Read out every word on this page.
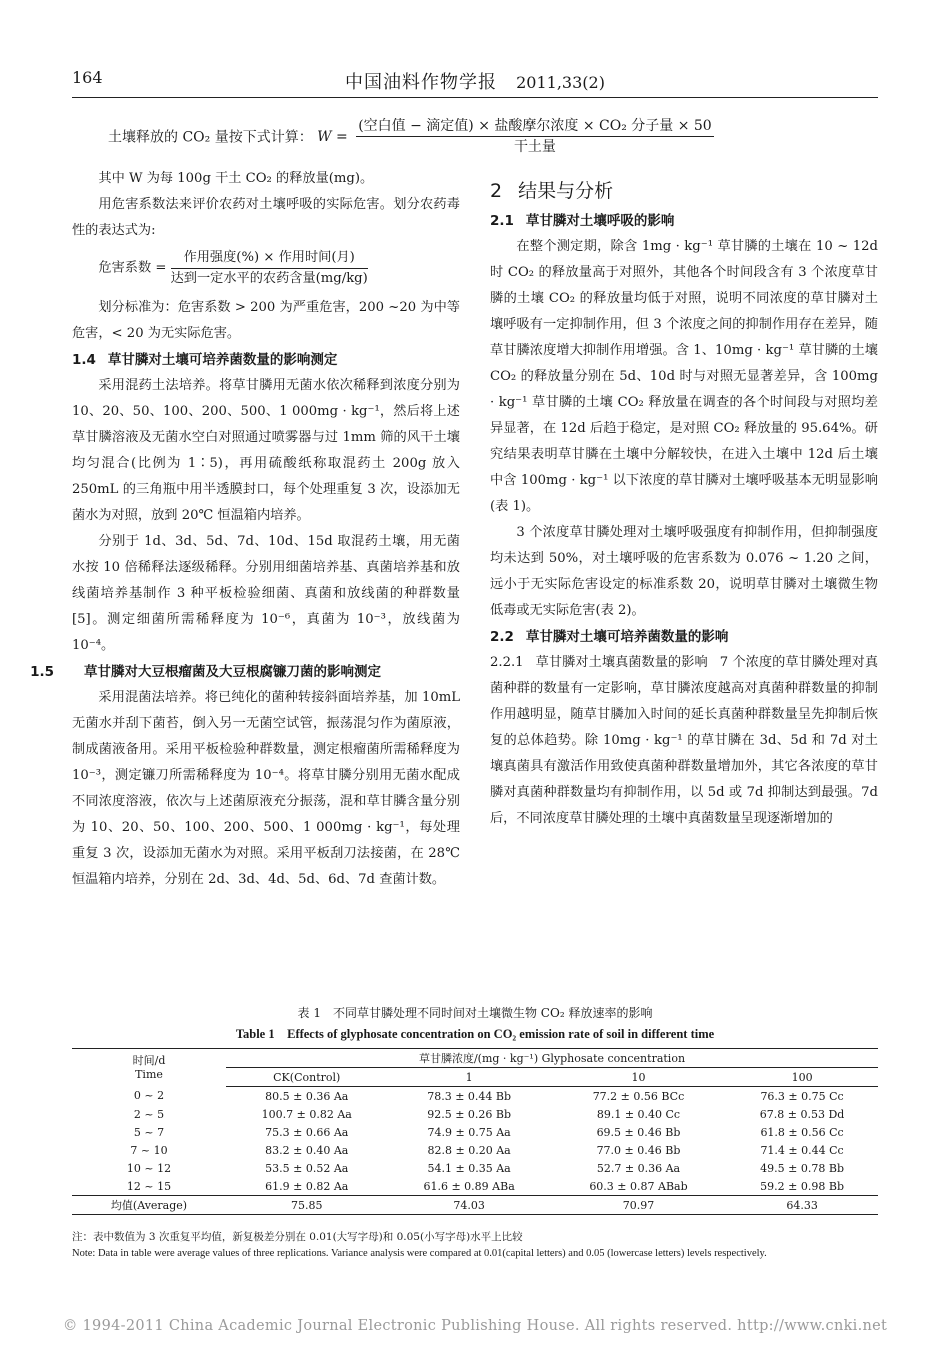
164	中国油料作物学报 2011,33(2)
土壤释放的 CO₂ 量按下式计算： $W = \frac{\text{(空白值 − 滴定值) × 盐酸摩尔浓度 × CO₂ 分子量 × 50}}{\text{干土量}}$

其中 W 为每 100g 干土 CO₂ 的释放量(mg)。

用危害系数法来评价农药对土壤呼吸的实际危害。划分农药毒性的表达式为:

危害系数 = $\frac{\text{作用强度(\%) × 作用时间(月)}}{\text{达到一定水平的农药含量(mg/kg)}}$

划分标准为：危害系数 > 200 为严重危害，200 ~20 为中等危害，< 20 为无实际危害。

1.4 草甘膦对土壤可培养菌数量的影响测定

采用混药土法培养。将草甘膦用无菌水依次稀释到浓度分别为 10、20、50、100、200、500、1 000mg · kg⁻¹，然后将上述草甘膦溶液及无菌水空白对照通过喷雾器与过 1mm 筛的风干土壤均匀混合(比例为 1∶5)，再用硫酸纸称取混药土 200g 放入 250mL 的三角瓶中用半透膜封口，每个处理重复 3 次，设添加无菌水为对照，放到 20℃ 恒温箱内培养。

分别于 1d、3d、5d、7d、10d、15d 取混药土壤，用无菌水按 10 倍稀释法逐级稀释。分别用细菌培养基、真菌培养基和放线菌培养基制作 3 种平板检验细菌、真菌和放线菌的种群数量[5]。测定细菌所需稀释度为 10⁻⁶，真菌为 10⁻³，放线菌为 10⁻⁴。

1.5 草甘膦对大豆根瘤菌及大豆根腐镰刀菌的影响测定

采用混菌法培养。将已纯化的菌种转接斜面培养基，加 10mL 无菌水并刮下菌苔，倒入另一无菌空试管，振荡混匀作为菌原液，制成菌液备用。采用平板检验种群数量，测定根瘤菌所需稀释度为 10⁻³，测定镰刀所需稀释度为 10⁻⁴。将草甘膦分别用无菌水配成不同浓度溶液，依次与上述菌原液充分振荡，混和草甘膦含量分别为 10、20、50、100、200、500、1 000mg · kg⁻¹，每处理重复 3 次，设添加无菌水为对照。采用平板刮刀法接菌，在 28℃ 恒温箱内培养，分别在 2d、3d、4d、5d、6d、7d 查菌计数。

2 结果与分析

2.1 草甘膦对土壤呼吸的影响

在整个测定期，除含 1mg · kg⁻¹ 草甘膦的土壤在 10 ~ 12d 时 CO₂ 的释放量高于对照外，其他各个时间段含有 3 个浓度草甘膦的土壤 CO₂ 的释放量均低于对照，说明不同浓度的草甘膦对土壤呼吸有一定抑制作用，但 3 个浓度之间的抑制作用存在差异，随草甘膦浓度增大抑制作用增强。含 1、10mg · kg⁻¹ 草甘膦的土壤 CO₂ 的释放量分别在 5d、10d 时与对照无显著差异，含 100mg · kg⁻¹ 草甘膦的土壤 CO₂ 释放量在调查的各个时间段与对照均差异显著，在 12d 后趋于稳定，是对照 CO₂ 释放量的 95.64%。研究结果表明草甘膦在土壤中分解较快，在进入土壤中 12d 后土壤中含 100mg · kg⁻¹ 以下浓度的草甘膦对土壤呼吸基本无明显影响(表 1)。

3 个浓度草甘膦处理对土壤呼吸强度有抑制作用，但抑制强度均未达到 50%，对土壤呼吸的危害系数为 0.076 ~ 1.20 之间，远小于无实际危害设定的标准系数 20，说明草甘膦对土壤微生物低毒或无实际危害(表 2)。

2.2 草甘膦对土壤可培养菌数量的影响

2.2.1 草甘膦对土壤真菌数量的影响 7 个浓度的草甘膦处理对真菌种群的数量有一定影响，草甘膦浓度越高对真菌种群数量的抑制作用越明显，随草甘膦加入时间的延长真菌种群数量呈先抑制后恢复的总体趋势。除 10mg · kg⁻¹ 的草甘膦在 3d、5d 和 7d 对土壤真菌具有激活作用致使真菌种群数量增加外，其它各浓度的草甘膦对真菌种群数量均有抑制作用，以 5d 或 7d 抑制达到最强。7d 后，不同浓度草甘膦处理的土壤中真菌数量呈现逐渐增加的

表 1　不同草甘膦处理不同时间对土壤微生物 CO₂ 释放速率的影响
Table 1　Effects of glyphosate concentration on CO₂ emission rate of soil in different time
时间/d
Time	草甘膦浓度/(mg · kg⁻¹) Glyphosate concentration			
	CK(Control)	1	10	100
0 ~ 2	80.5 ± 0.36 Aa	78.3 ± 0.44 Bb	77.2 ± 0.56 BCc	76.3 ± 0.75 Cc
2 ~ 5	100.7 ± 0.82 Aa	92.5 ± 0.26 Bb	89.1 ± 0.40 Cc	67.8 ± 0.53 Dd
5 ~ 7	75.3 ± 0.66 Aa	74.9 ± 0.75 Aa	69.5 ± 0.46 Bb	61.8 ± 0.56 Cc
7 ~ 10	83.2 ± 0.40 Aa	82.8 ± 0.20 Aa	77.0 ± 0.46 Bb	71.4 ± 0.44 Cc
10 ~ 12	53.5 ± 0.52 Aa	54.1 ± 0.35 Aa	52.7 ± 0.36 Aa	49.5 ± 0.78 Bb
12 ~ 15	61.9 ± 0.82 Aa	61.6 ± 0.89 ABa	60.3 ± 0.87 ABab	59.2 ± 0.98 Bb
均值(Average)	75.85	74.03	70.97	64.33
注：表中数值为 3 次重复平均值，新复极差分别在 0.01(大写字母)和 0.05(小写字母)水平上比较
Note: Data in table were average values of three replications. Variance analysis were compared at 0.01(capital letters) and 0.05 (lowercase letters) levels respectively.
© 1994-2011 China Academic Journal Electronic Publishing House. All rights reserved. http://www.cnki.net
